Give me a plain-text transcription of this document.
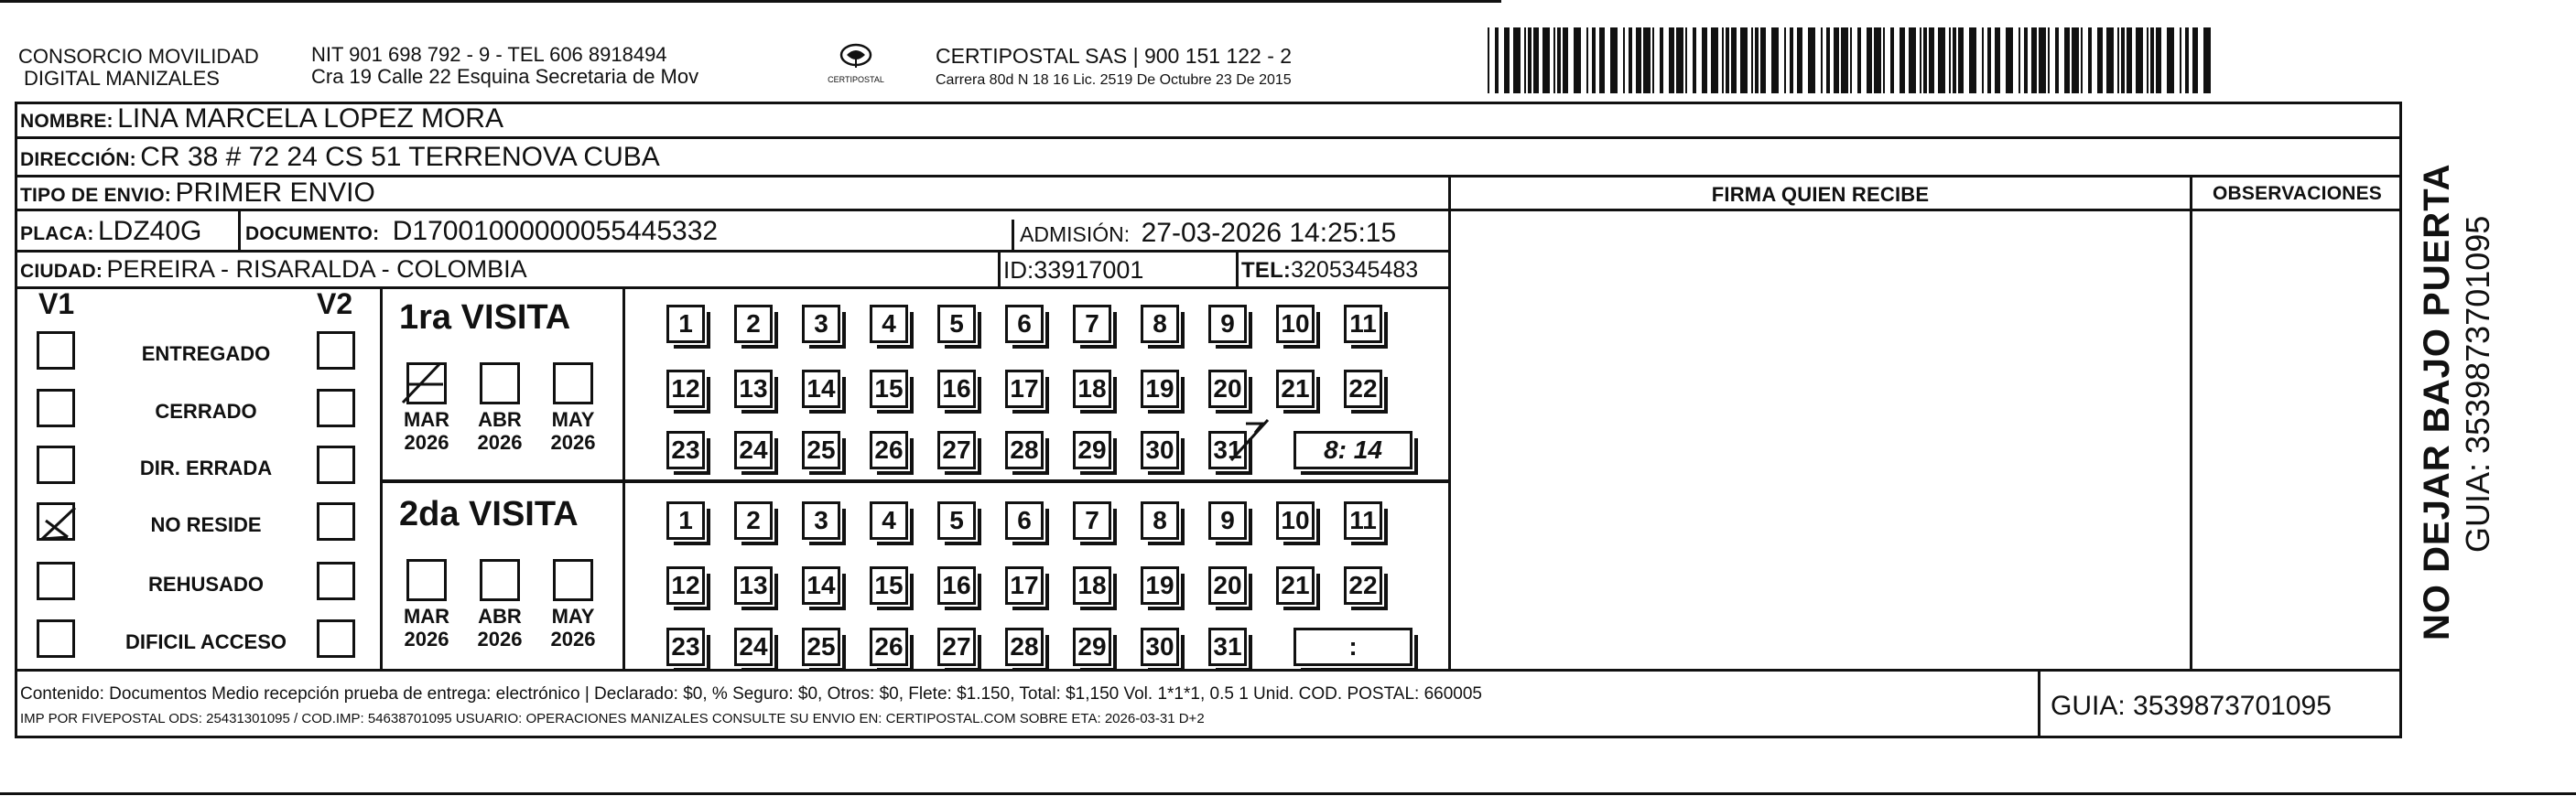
CONSORCIO MOVILIDAD
DIGITAL MANIZALES
NIT 901 698 792 - 9 - TEL 606 8918494
Cra 19 Calle 22 Esquina Secretaria de Mov	CERTIPOSTAL
CERTIPOSTAL SAS | 900 151 122 - 2
Carrera 80d N 18 16 Lic. 2519 De Octubre 23 De 2015
NOMBRE: LINA MARCELA LOPEZ MORA
DIRECCIÓN: CR 38 # 72 24 CS 51 TERRENOVA CUBA
TIPO DE ENVIO: PRIMER ENVIO	FIRMA QUIEN RECIBE	OBSERVACIONES
PLACA: LDZ40G DOCUMENTO: D17001000000055445332	ADMISIÓN: 27-03-2026 14:25:15
CIUDAD: PEREIRA - RISARALDA - COLOMBIA	ID:33917001	TEL:3205345483
V1	V2
ENTREGADO
CERRADO
DIR. ERRADA
NO RESIDE
REHUSADO
DIFICIL ACCESO
1ra VISITA
MAR
2026
ABR
2026
MAY
2026
1	2	3	4	5	6	7	8	9	10 11
12 13 14 15 16 17 18 19 20 21 22
23 24 25 26 27 28 29 30 31	8: 14
2da VISITA
MAR
2026
ABR
2026
MAY
2026
1	2	3	4	5	6	7	8	9	10 11
12 13 14 15 16 17 18 19 20 21 22
23 24 25 26 27 28 29 30 31	:
Contenido: Documentos Medio recepción prueba de entrega: electrónico | Declarado: $0, % Seguro: $0, Otros: $0, Flete: $1.150, Total: $1,150 Vol. 1*1*1, 0.5 1 Unid. COD. POSTAL: 660005
IMP POR FIVEPOSTAL ODS: 25431301095 / COD.IMP: 54638701095 USUARIO: OPERACIONES MANIZALES CONSULTE SU ENVIO EN: CERTIPOSTAL.COM SOBRE ETA: 2026-03-31 D+2	GUIA: 3539873701095
NO DEJAR BAJO PUERTA GUIA: 3539873701095
